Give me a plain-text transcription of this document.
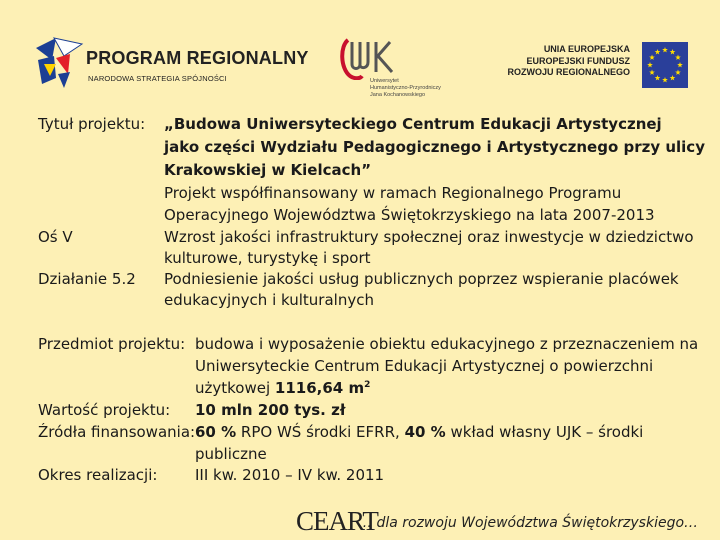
PROGRAM REGIONALNY
NARODOWA STRATEGIA SPÓJNOŚCI	Uniwersytet
Humanistyczno-Przyrodniczy
Jana Kochanowskiego
UNIA EUROPEJSKA
EUROPEJSKI FUNDUSZ
ROZWOJU REGIONALNEGO
Tytuł projektu: „Budowa Uniwersyteckiego Centrum Edukacji Artystycznej
jako części Wydziału Pedagogicznego i Artystycznego przy ulicy
Krakowskiej w Kielcach”
Projekt współfinansowany w ramach Regionalnego Programu
Operacyjnego Województwa Świętokrzyskiego na lata 2007-2013
Oś V	Wzrost jakości infrastruktury społecznej oraz inwestycje w dziedzictwo
kulturowe, turystykę i sport
Działanie 5.2 Podniesienie jakości usług publicznych poprzez wspieranie placówek
edukacyjnych i kulturalnych
Przedmiot projektu: budowa i wyposażenie obiektu edukacyjnego z przeznaczeniem na
Uniwersyteckie Centrum Edukacji Artystycznej o powierzchni
użytkowej 1116,64 $m^2$
Wartość projektu: 10 mln 200 tys. zł
Źródła finansowania: 60 % RPO WŚ środki EFRR, 40 % wkład własny UJK – środki
publiczne
Okres realizacji:	III kw. 2010 – IV kw. 2011
CEART
… dla rozwoju Województwa Świętokrzyskiego…
